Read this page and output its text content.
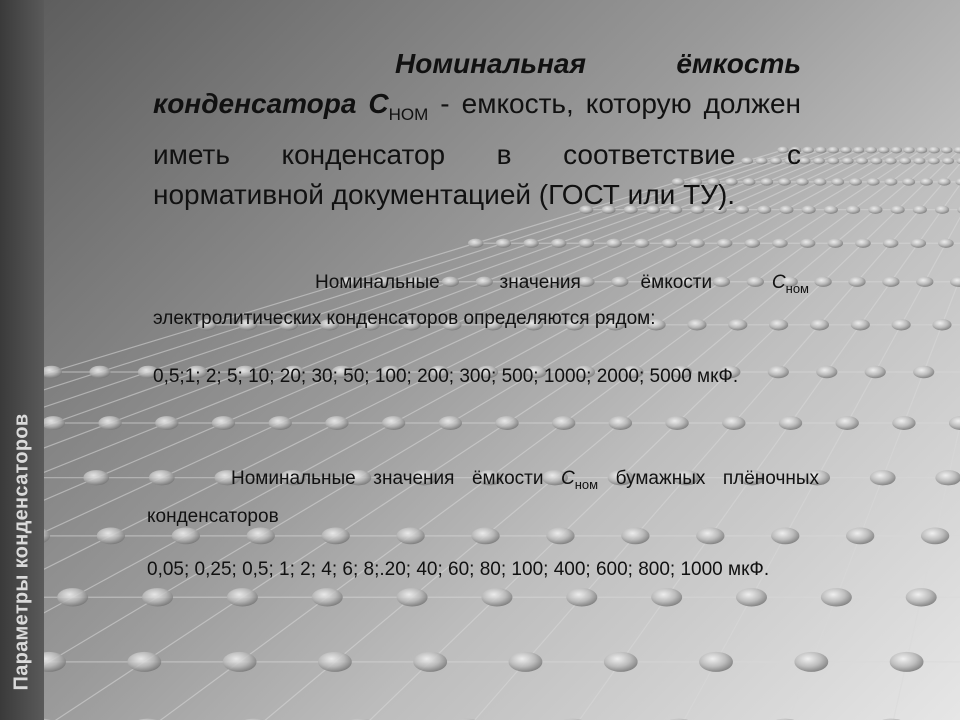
Параметры конденсаторов

Номинальная ёмкость конденсатора $С_{НОМ}$ - емкость, которую должен иметь конденсатор в соответствие с нормативной документацией (ГОСТ или ТУ).

Номинальные значения ёмкости $С_{ном}$ электролитических конденсаторов определяются рядом:

0,5;1; 2; 5; 10; 20; 30; 50; 100; 200; 300; 500; 1000; 2000; 5000 мкФ.

Номинальные значения ёмкости $С_{ном}$ бумажных плёночных конденсаторов

0,05; 0,25; 0,5; 1; 2; 4; 6; 8;.20; 40; 60; 80; 100; 400; 600; 800; 1000 мкФ.
